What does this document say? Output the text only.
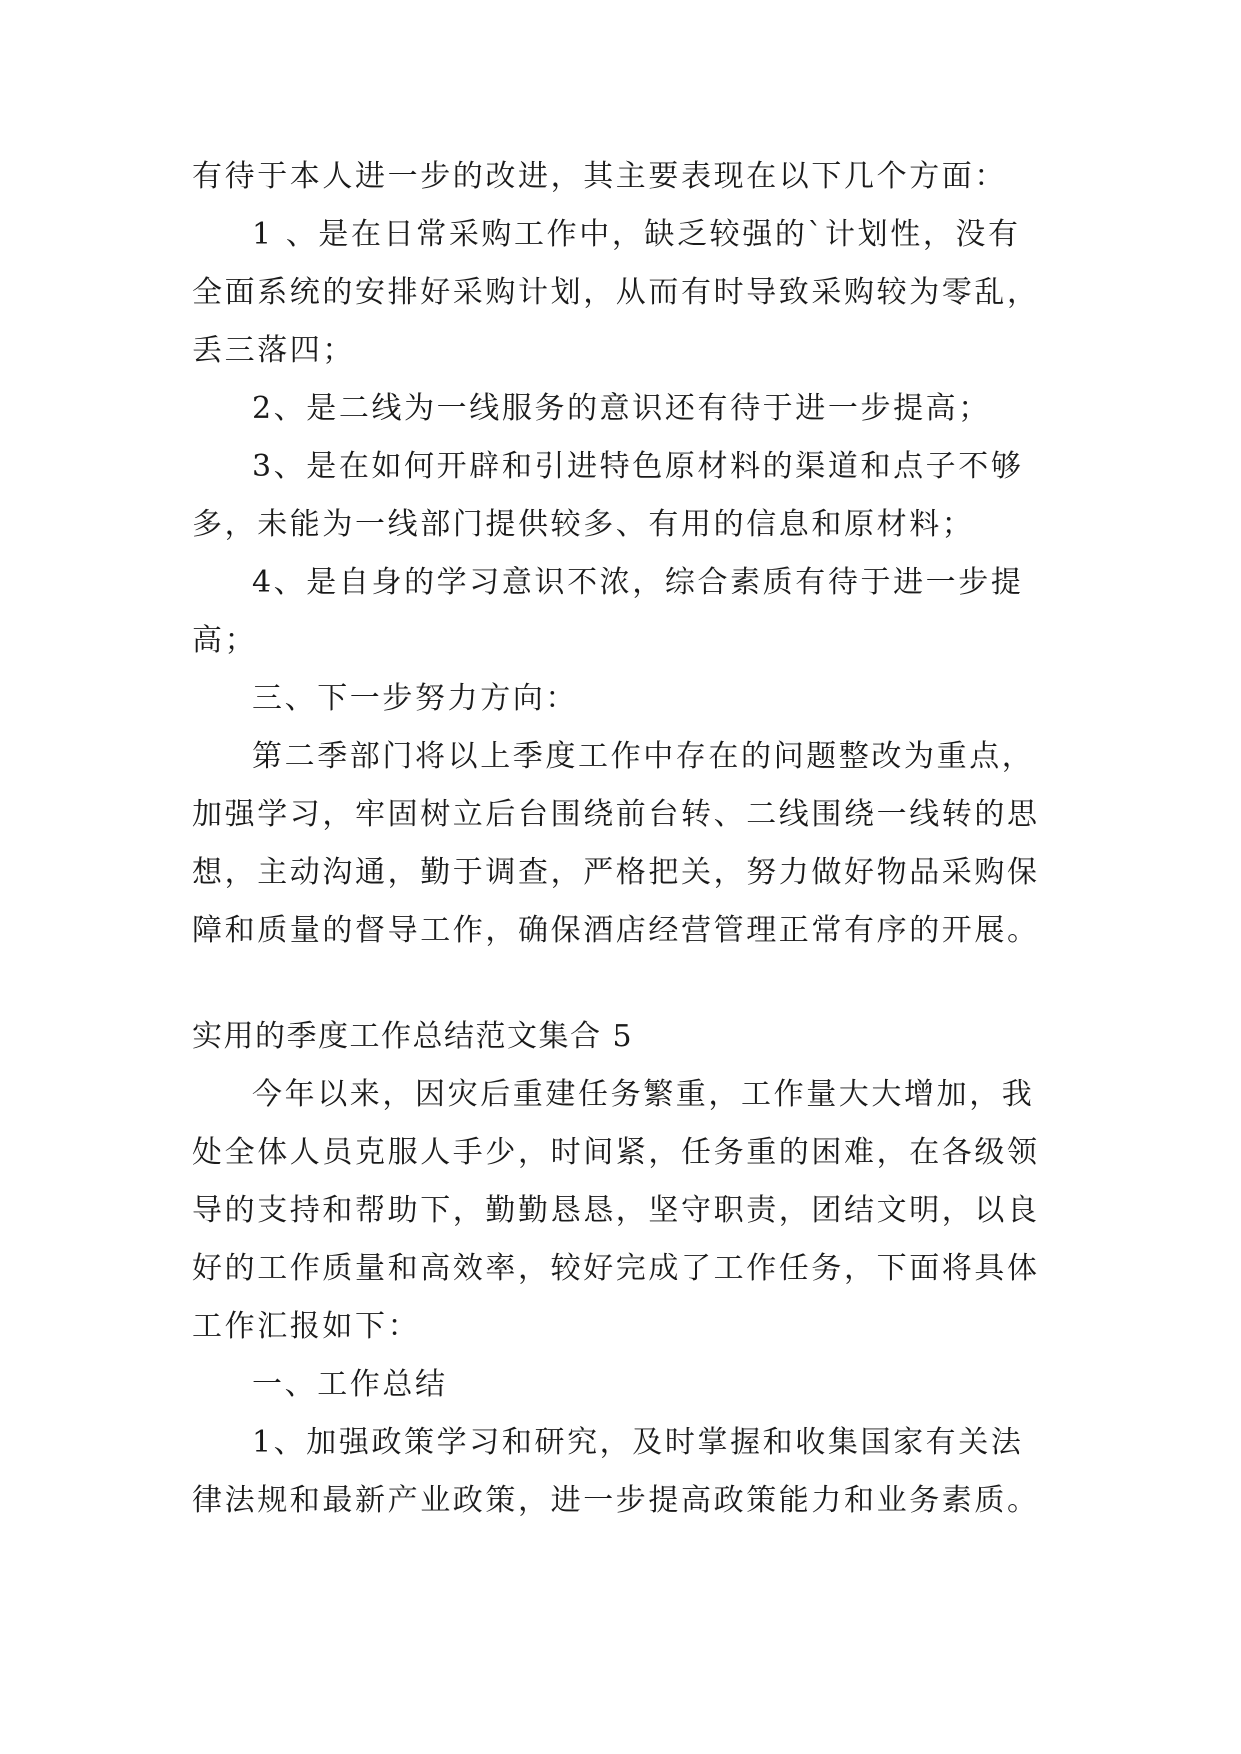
有待于本人进一步的改进，其主要表现在以下几个方面：
1 、是在日常采购工作中，缺乏较强的`计划性，没有
全面系统的安排好采购计划，从而有时导致采购较为零乱，
丢三落四；
2、是二线为一线服务的意识还有待于进一步提高；
3、是在如何开辟和引进特色原材料的渠道和点子不够
多，未能为一线部门提供较多、有用的信息和原材料；
4、是自身的学习意识不浓，综合素质有待于进一步提
高；
三、下一步努力方向：
第二季部门将以上季度工作中存在的问题整改为重点，
加强学习，牢固树立后台围绕前台转、二线围绕一线转的思
想，主动沟通，勤于调查，严格把关，努力做好物品采购保
障和质量的督导工作，确保酒店经营管理正常有序的开展。
实用的季度工作总结范文集合 5
今年以来，因灾后重建任务繁重，工作量大大增加，我
处全体人员克服人手少，时间紧，任务重的困难，在各级领
导的支持和帮助下，勤勤恳恳，坚守职责，团结文明，以良
好的工作质量和高效率，较好完成了工作任务，下面将具体
工作汇报如下：
一、工作总结
1、加强政策学习和研究，及时掌握和收集国家有关法
律法规和最新产业政策，进一步提高政策能力和业务素质。
